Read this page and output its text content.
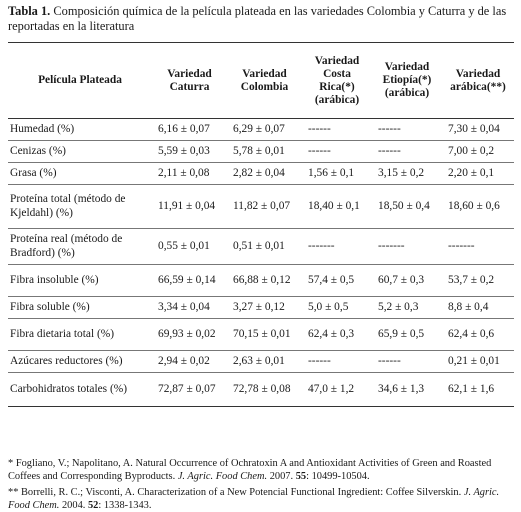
Tabla 1. Composición química de la película plateada en las variedades Colombia y Caturra y de las reportadas en la literatura
Película Plateada	Variedad Caturra	Variedad Colombia	Variedad Costa Rica(*) (arábica)	Variedad Etiopía(*) (arábica)	Variedad arábica(**)
Humedad (%)	6,16 ± 0,07	6,29 ± 0,07	------	------	7,30 ± 0,04
Cenizas (%)	5,59 ± 0,03	5,78 ± 0,01	------	------	7,00 ± 0,2
Grasa (%)	2,11 ± 0,08	2,82 ± 0,04	1,56 ± 0,1	3,15 ± 0,2	2,20 ± 0,1
Proteína total (método de Kjeldahl) (%)	11,91 ± 0,04	11,82 ± 0,07	18,40 ± 0,1	18,50 ± 0,4	18,60 ± 0,6
Proteína real (método de Bradford) (%)	0,55 ± 0,01	0,51 ± 0,01	-------	-------	-------
Fibra insoluble (%)	66,59 ± 0,14	66,88 ± 0,12	57,4 ± 0,5	60,7 ± 0,3	53,7 ± 0,2
Fibra soluble (%)	3,34 ± 0,04	3,27 ± 0,12	5,0 ± 0,5	5,2 ± 0,3	8,8 ± 0,4
Fibra dietaria total (%)	69,93 ± 0,02	70,15 ± 0,01	62,4 ± 0,3	65,9 ± 0,5	62,4 ± 0,6
Azúcares reductores (%)	2,94 ± 0,02	2,63 ± 0,01	------	------	0,21 ± 0,01
Carbohidratos totales (%)	72,87 ± 0,07	72,78 ± 0,08	47,0 ± 1,2	34,6 ± 1,3	62,1 ± 1,6
* Fogliano, V.; Napolitano, A. Natural Occurrence of Ochratoxin A and Antioxidant Activities of Green and Roasted Coffees and Corresponding Byproducts. J. Agric. Food Chem. 2007. 55: 10499-10504.
** Borrelli, R. C.; Visconti, A. Characterization of a New Potencial Functional Ingredient: Coffee Silverskin. J. Agric. Food Chem. 2004. 52: 1338-1343.
